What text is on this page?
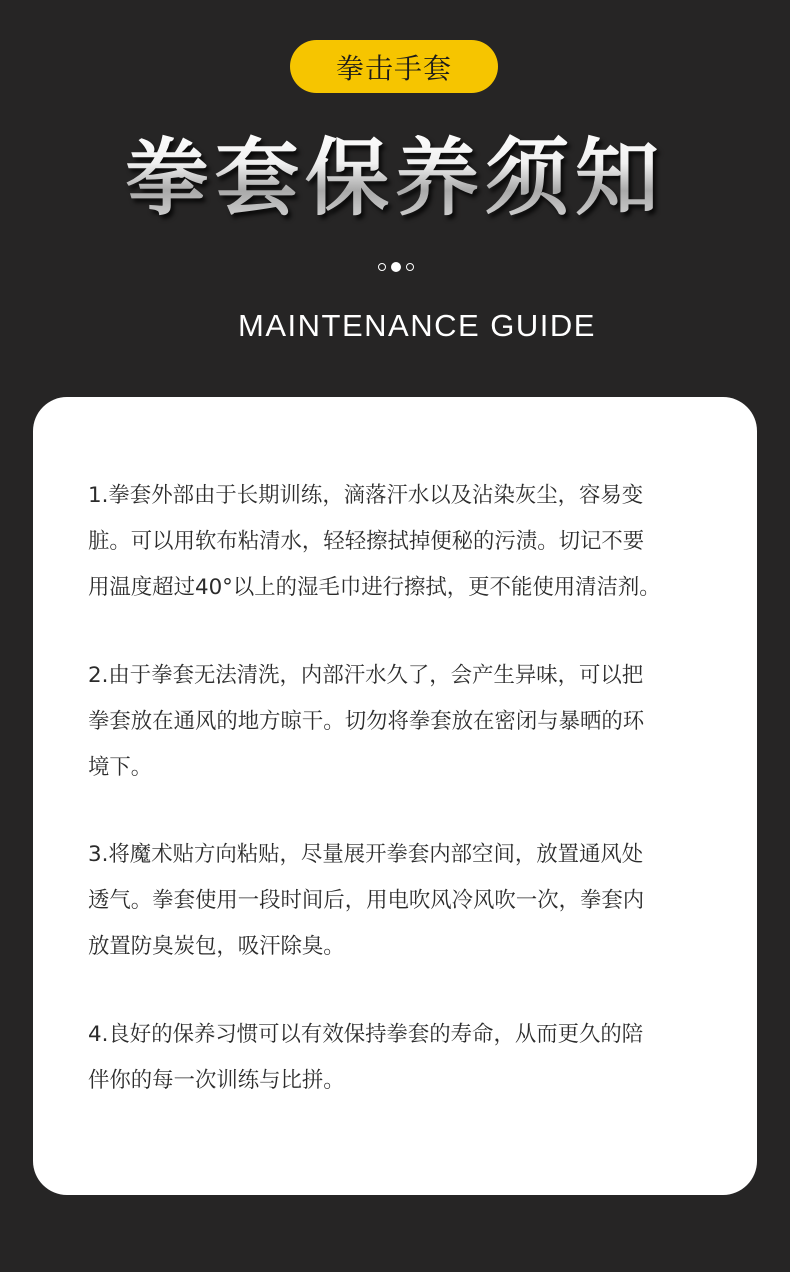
拳击手套
拳套保养须知
MAINTENANCE GUIDE

1.拳套外部由于长期训练，滴落汗水以及沾染灰尘，容易变
脏。可以用软布粘清水，轻轻擦拭掉便秘的污渍。切记不要
用温度超过40°以上的湿毛巾进行擦拭，更不能使用清洁剂。

2.由于拳套无法清洗，内部汗水久了，会产生异味，可以把
拳套放在通风的地方晾干。切勿将拳套放在密闭与暴晒的环
境下。

3.将魔术贴方向粘贴，尽量展开拳套内部空间，放置通风处
透气。拳套使用一段时间后，用电吹风冷风吹一次，拳套内
放置防臭炭包，吸汗除臭。

4.良好的保养习惯可以有效保持拳套的寿命，从而更久的陪
伴你的每一次训练与比拼。
